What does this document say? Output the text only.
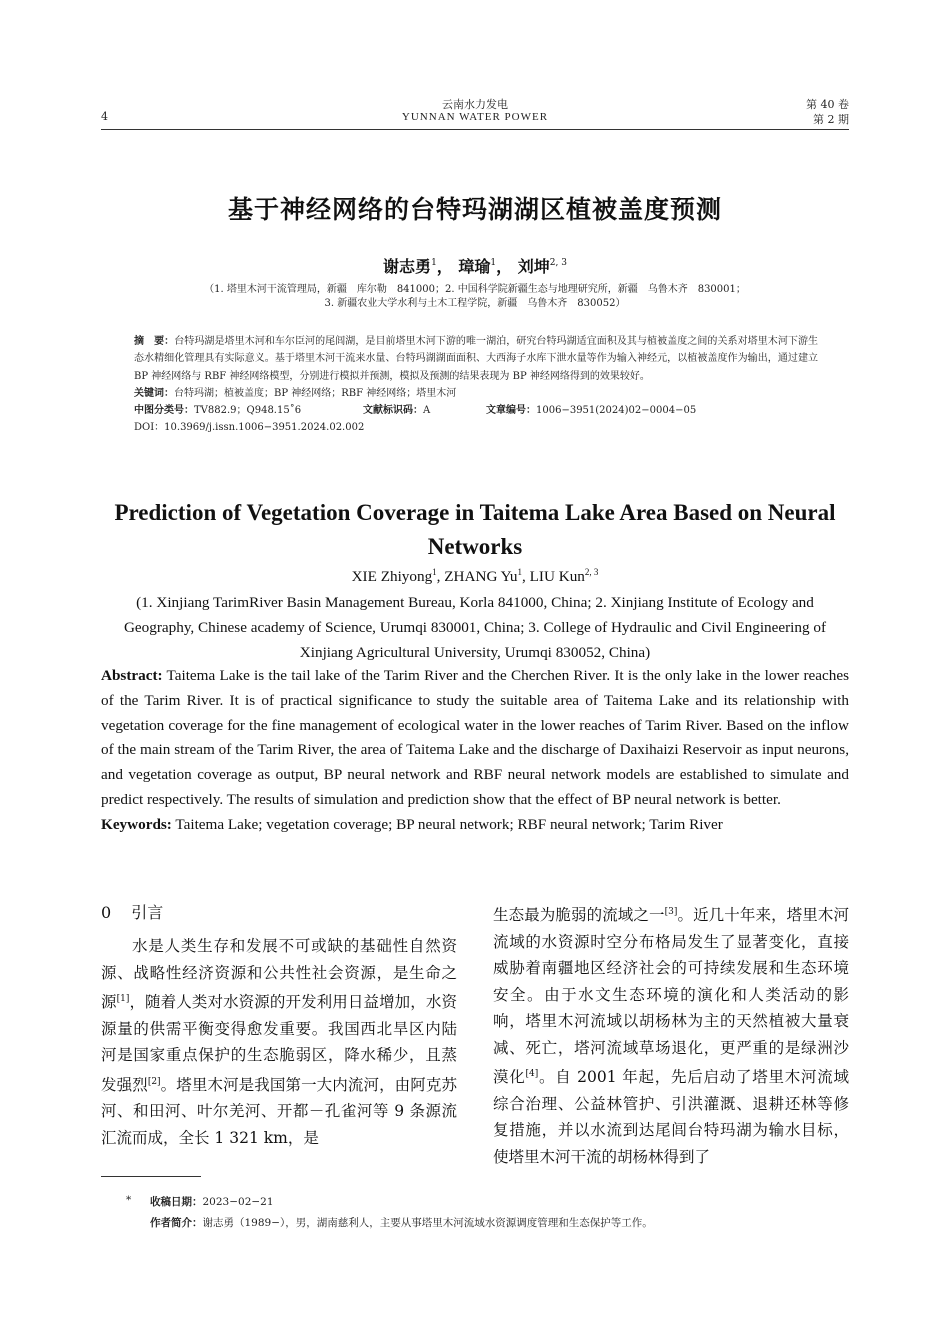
4
云南水力发电
YUNNAN WATER POWER
第 40 卷
第 2 期
基于神经网络的台特玛湖湖区植被盖度预测
谢志勇$^1$， 璋瑜$^1$， 刘坤$^{2, 3}$
（1. 塔里木河干流管理局，新疆　库尔勒　841000；2. 中国科学院新疆生态与地理研究所，新疆　乌鲁木齐　830001；
3. 新疆农业大学水利与土木工程学院，新疆　乌鲁木齐　830052）
摘　要：台特玛湖是塔里木河和车尔臣河的尾闾湖，是目前塔里木河下游的唯一湖泊，研究台特玛湖适宜面积及其与植被盖度之间的关系对塔里木河下游生态水精细化管理具有实际意义。基于塔里木河干流来水量、台特玛湖湖面面积、大西海子水库下泄水量等作为输入神经元，以植被盖度作为输出，通过建立 BP 神经网络与 RBF 神经网络模型，分别进行模拟并预测，模拟及预测的结果表现为 BP 神经网络得到的效果较好。
关键词：台特玛湖；植被盖度；BP 神经网络；RBF 神经网络；塔里木河
中图分类号：TV882.9；Q948.15˚6	文献标识码：A	文章编号：1006−3951(2024)02−0004−05
DOI：10.3969/j.issn.1006−3951.2024.02.002
Prediction of Vegetation Coverage in Taitema Lake Area Based on Neural Networks
XIE Zhiyong$^1$, ZHANG Yu$^1$, LIU Kun$^{2, 3}$
(1. Xinjiang TarimRiver Basin Management Bureau, Korla 841000, China; 2. Xinjiang Institute of Ecology and Geography, Chinese academy of Science, Urumqi 830001, China; 3. College of Hydraulic and Civil Engineering of Xinjiang Agricultural University, Urumqi 830052, China)
Abstract: Taitema Lake is the tail lake of the Tarim River and the Cherchen River. It is the only lake in the lower reaches of the Tarim River. It is of practical significance to study the suitable area of Taitema Lake and its relationship with vegetation coverage for the fine management of ecological water in the lower reaches of Tarim River. Based on the inflow of the main stream of the Tarim River, the area of Taitema Lake and the discharge of Daxihaizi Reservoir as input neurons, and vegetation coverage as output, BP neural network and RBF neural network models are established to simulate and predict respectively. The results of simulation and prediction show that the effect of BP neural network is better.
Keywords: Taitema Lake; vegetation coverage; BP neural network; RBF neural network; Tarim River
0 引言
水是人类生存和发展不可或缺的基础性自然资源、战略性经济资源和公共性社会资源，是生命之源[1]，随着人类对水资源的开发利用日益增加，水资源量的供需平衡变得愈发重要。我国西北旱区内陆河是国家重点保护的生态脆弱区，降水稀少，且蒸发强烈[2]。塔里木河是我国第一大内流河，由阿克苏河、和田河、叶尔羌河、开都－孔雀河等 9 条源流汇流而成，全长 1 321 km，是
生态最为脆弱的流域之一[3]。近几十年来，塔里木河流域的水资源时空分布格局发生了显著变化，直接威胁着南疆地区经济社会的可持续发展和生态环境安全。由于水文生态环境的演化和人类活动的影响，塔里木河流域以胡杨林为主的天然植被大量衰减、死亡，塔河流域草场退化，更严重的是绿洲沙漠化[4]。自 2001 年起，先后启动了塔里木河流域综合治理、公益林管护、引洪灌溉、退耕还林等修复措施，并以水流到达尾闾台特玛湖为输水目标，使塔里木河干流的胡杨林得到了
* 收稿日期：2023−02−21
作者简介：谢志勇（1989−），男，湖南慈利人，主要从事塔里木河流域水资源调度管理和生态保护等工作。
